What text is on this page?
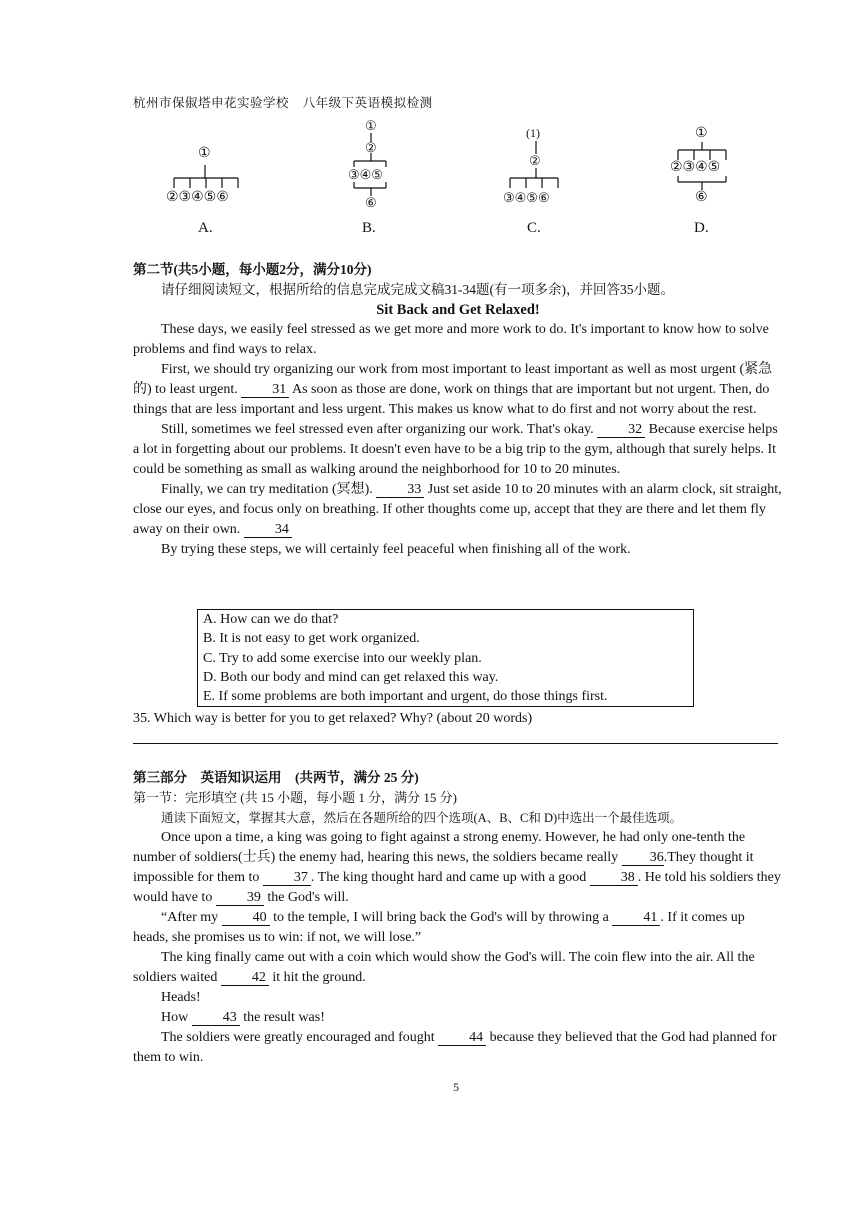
杭州市保俶塔申花实验学校 八年级下英语模拟检测
①
②③④⑤⑥
A.
①
②
③④⑤
⑥
B.
(1)
②
③④⑤⑥
C.
①
②③④⑤
⑥
D.

第二节(共5小题，每小题2分，满分10分)

请仔细阅读短文，根据所给的信息完成完成文稿31-34题(有一项多余)，并回答35小题。

Sit Back and Get Relaxed!

These days, we easily feel stressed as we get more and more work to do. It's important to know how to solve problems and find ways to relax.

First, we should try organizing our work from most important to least important as well as most urgent (紧急的) to least urgent. 31 As soon as those are done, work on things that are important but not urgent. Then, do things that are less important and less urgent. This makes us know what to do first and not worry about the rest.

Still, sometimes we feel stressed even after organizing our work. That's okay. 32 Because exercise helps a lot in forgetting about our problems. It doesn't even have to be a big trip to the gym, although that surely helps. It could be something as small as walking around the neighborhood for 10 to 20 minutes.

Finally, we can try meditation (冥想). 33 Just set aside 10 to 20 minutes with an alarm clock, sit straight, close our eyes, and focus only on breathing. If other thoughts come up, accept that they are there and let them fly away on their own. 34

By trying these steps, we will certainly feel peaceful when finishing all of the work.

A. How can we do that?
B. It is not easy to get work organized.
C. Try to add some exercise into our weekly plan.
D. Both our body and mind can get relaxed this way.
E. If some problems are both important and urgent, do those things first.
35. Which way is better for you to get relaxed? Why? (about 20 words)

第三部分　英语知识运用　(共两节，满分 25 分)

第一节：完形填空 (共 15 小题，每小题 1 分，满分 15 分)

通读下面短文，掌握其大意，然后在各题所给的四个选项(A、B、C和 D)中选出一个最佳选项。

Once upon a time, a king was going to fight against a strong enemy. However, he had only one-tenth the number of soldiers(士兵) the enemy had, hearing this news, the soldiers became really 36.They thought it impossible for them to 37 . The king thought hard and came up with a good 38 . He told his soldiers they would have to 39 the God's will.

“After my 40 to the temple, I will bring back the God's will by throwing a 41 . If it comes up heads, she promises us to win: if not, we will lose.”

The king finally came out with a coin which would show the God's will. The coin flew into the air. All the soldiers waited 42 it hit the ground.

Heads!

How 43 the result was!

The soldiers were greatly encouraged and fought 44 because they believed that the God had planned for them to win.

5
